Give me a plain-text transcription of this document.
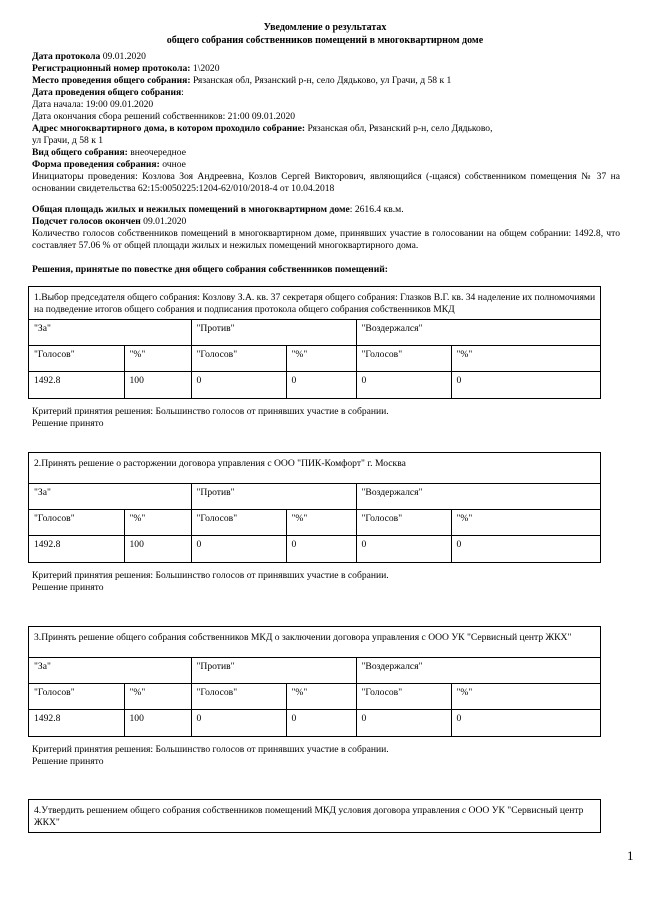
Уведомление о результатах
общего собрания собственников помещений в многоквартирном доме
Дата протокола 09.01.2020
Регистрационный номер протокола: 1\2020
Место проведения общего собрания: Рязанская обл, Рязанский р-н, село Дядьково, ул Грачи, д 58 к 1
Дата проведения общего собрания:
Дата начала: 19:00 09.01.2020
Дата окончания сбора решений собственников: 21:00 09.01.2020
Адрес многоквартирного дома, в котором проходило собрание: Рязанская обл, Рязанский р-н, село Дядьково,
ул Грачи, д 58 к 1
Вид общего собрания: внеочередное
Форма проведения собрания: очное
Инициаторы проведения: Козлова Зоя Андреевна, Козлов Сергей Викторович, являющийся (-щаяся) собственником помещения № 37 на основании свидетельства 62:15:0050225:1204-62/010/2018-4 от 10.04.2018
Общая площадь жилых и нежилых помещений в многоквартирном доме: 2616.4 кв.м.
Подсчет голосов окончен 09.01.2020
Количество голосов собственников помещений в многоквартирном доме, принявших участие в голосовании на общем собрании: 1492.8, что составляет 57.06 % от общей площади жилых и нежилых помещений многоквартирного дома.
Решения, принятые по повестке дня общего собрания собственников помещений:
1.Выбор председателя общего собрания: Козлову З.А. кв. 37 секретаря общего собрания: Глазков В.Г. кв. 34 наделение их полномочиями на подведение итогов общего собрания и подписания протокола общего собрания собственников МКД
"За"		"Против"		"Воздержался"	
"Голосов"	"%"	"Голосов"	"%"	"Голосов"	"%"
1492.8	100	0	0	0	0
Критерий принятия решения: Большинство голосов от принявших участие в собрании.
Решение принято
2.Принять решение о расторжении договора управления с ООО "ПИК-Комфорт" г. Москва
"За"		"Против"		"Воздержался"	
"Голосов"	"%"	"Голосов"	"%"	"Голосов"	"%"
1492.8	100	0	0	0	0
Критерий принятия решения: Большинство голосов от принявших участие в собрании.
Решение принято
3.Принять решение общего собрания собственников МКД о заключении договора управления с ООО УК "Сервисный центр ЖКХ"
"За"		"Против"		"Воздержался"	
"Голосов"	"%"	"Голосов"	"%"	"Голосов"	"%"
1492.8	100	0	0	0	0
Критерий принятия решения: Большинство голосов от принявших участие в собрании.
Решение принято
4.Утвердить решением общего собрания собственников помещений МКД условия договора управления с ООО УК "Сервисный центр ЖКХ"
1
